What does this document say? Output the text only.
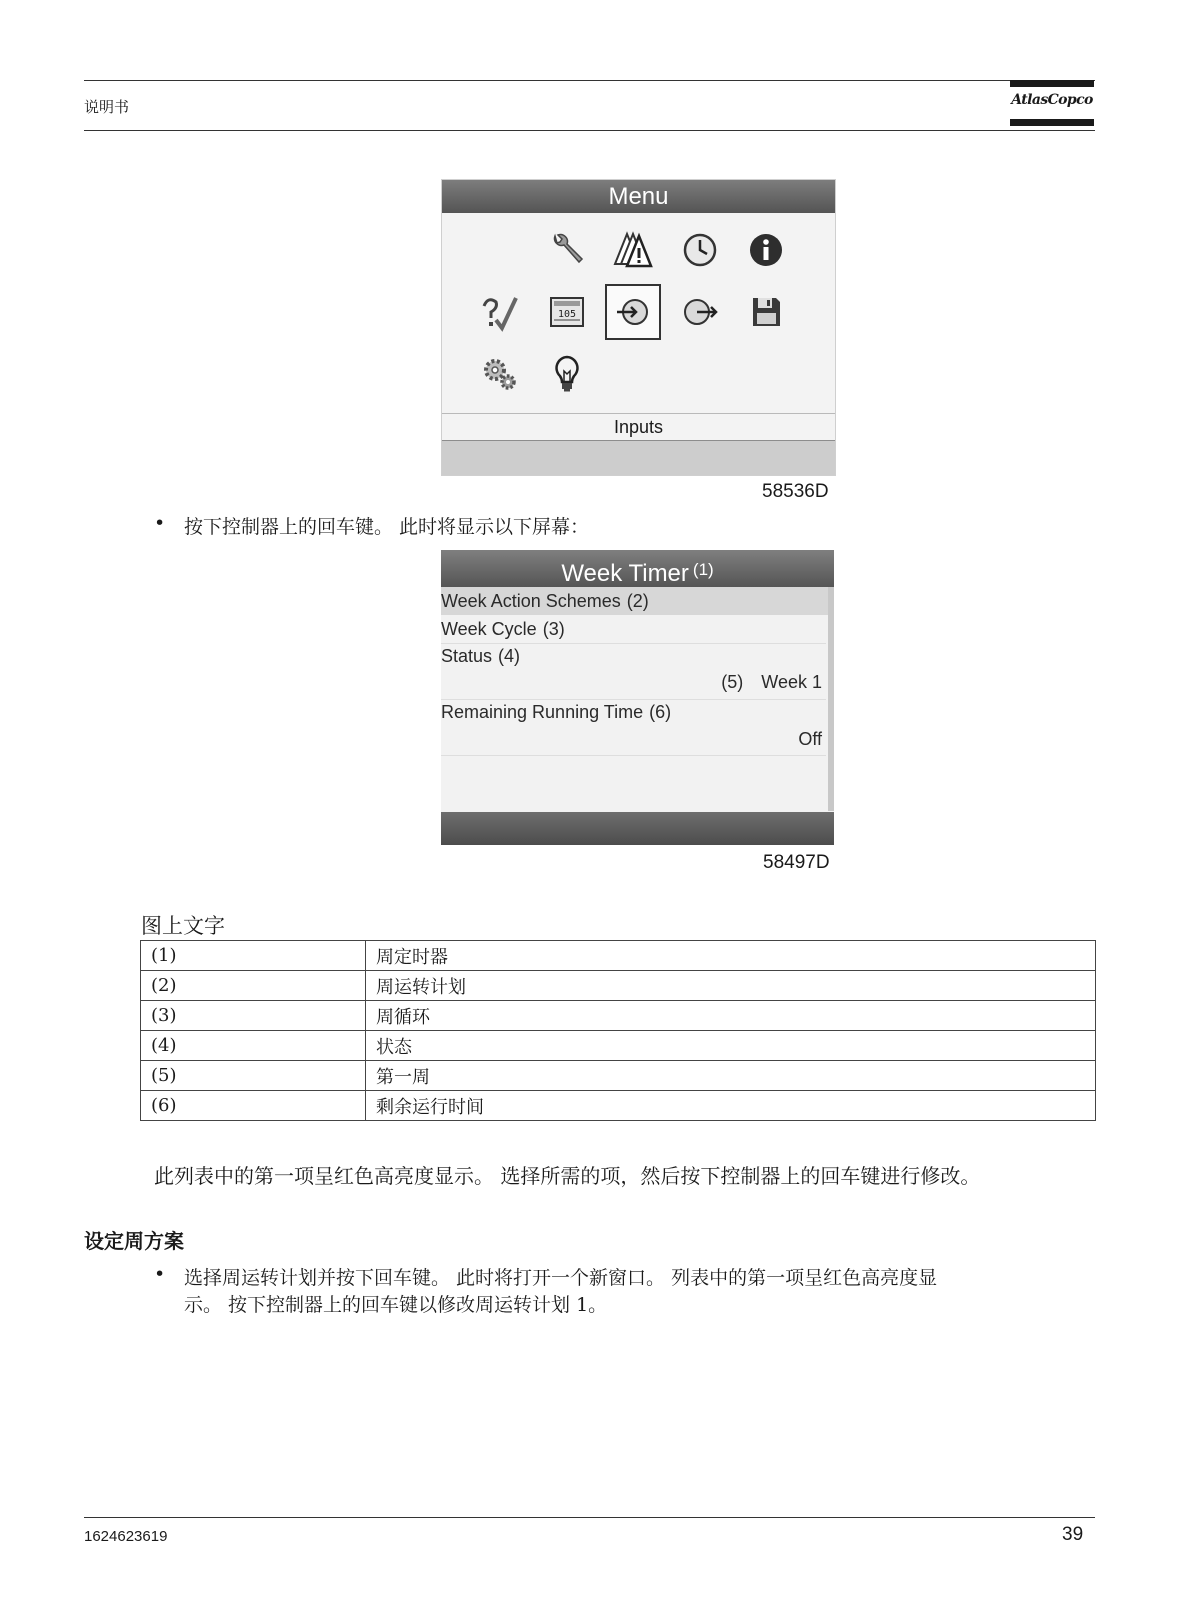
说明书	AtlasCopco
Menu
105
Inputs
58536D
• 按下控制器上的回车键。 此时将显示以下屏幕：
Week Timer $^{(1)}$
Week Action Schemes (2)
Week Cycle (3)
Status (4)
(5) Week 1
Remaining Running Time (6)
Off
58497D
图上文字
(1)	周定时器
(2)	周运转计划
(3)	周循环
(4)	状态
(5)	第一周
(6)	剩余运行时间
此列表中的第一项呈红色高亮度显示。 选择所需的项，然后按下控制器上的回车键进行修改。
设定周方案
• 选择周运转计划并按下回车键。 此时将打开一个新窗口。 列表中的第一项呈红色高亮度显
示。 按下控制器上的回车键以修改周运转计划 1。
1624623619	39
